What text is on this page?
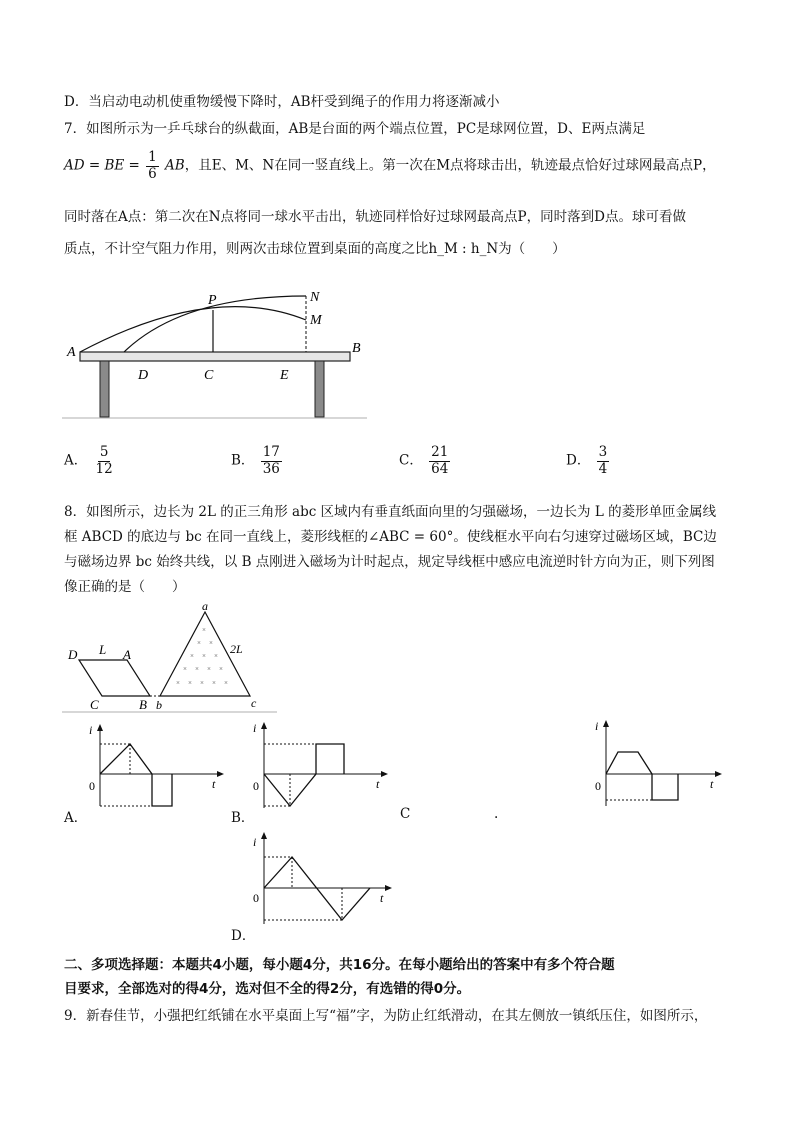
D．当启动电动机使重物缓慢下降时，AB杆受到绳子的作用力将逐渐减小
7．如图所示为一乒乓球台的纵截面，AB是台面的两个端点位置，PC是球网位置，D、E两点满足
AD = BE = $\frac{1}{6}$ AB，且E、M、N在同一竖直线上。第一次在M点将球击出，轨迹最点恰好过球网最高点P，
同时落在A点：第二次在N点将同一球水平击出，轨迹同样恰好过球网最高点P，同时落到D点。球可看做
质点，不计空气阻力作用，则两次击球位置到桌面的高度之比h_M : h_N为（　　）
A	B
P	N
M
D	C	E
A． $\frac{5}{12}$	B． $\frac{17}{36}$	C． $\frac{21}{64}$	D． $\frac{3}{4}$
8．如图所示，边长为 2L 的正三角形 abc 区域内有垂直纸面向里的匀强磁场，一边长为 L 的菱形单匝金属线
框 ABCD 的底边与 bc 在同一直线上，菱形线框的∠ABC = 60°。使线框水平向右匀速穿过磁场区域，BC边
与磁场边界 bc 始终共线，以 B 点刚进入磁场为计时起点，规定导线框中感应电流逆时针方向为正，则下列图
像正确的是（　　）
×
× ×
× × ×
× × × ×
× × × × ×
D L A
C	B
a
b	c
2L
i
t
0
A．
i
t
0
B．	C	.
i
t
0
i
t
0
D．
二、多项选择题：本题共4小题，每小题4分，共16分。在每小题给出的答案中有多个符合题
目要求，全部选对的得4分，选对但不全的得2分，有选错的得0分。
9．新春佳节，小强把红纸铺在水平桌面上写“福”字，为防止红纸滑动，在其左侧放一镇纸压住，如图所示，
